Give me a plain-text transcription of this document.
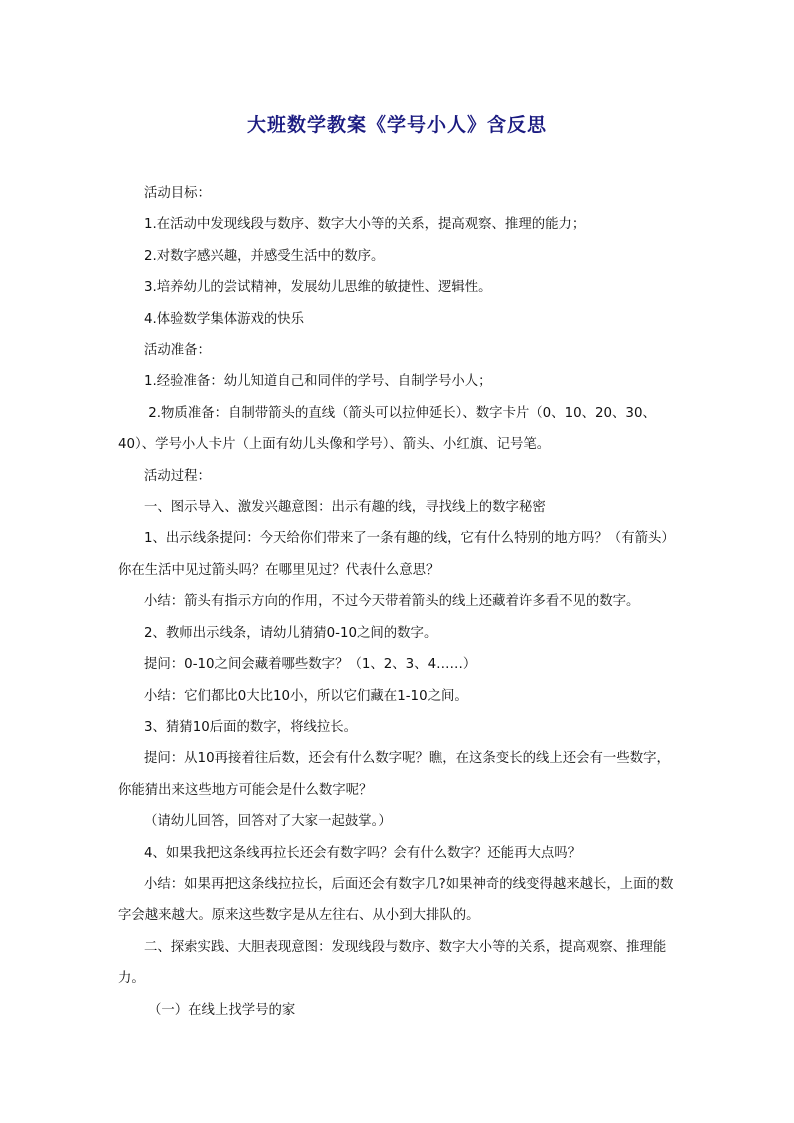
大班数学教案《学号小人》含反思

活动目标：

1.在活动中发现线段与数序、数字大小等的关系，提高观察、推理的能力；

2.对数字感兴趣，并感受生活中的数序。

3.培养幼儿的尝试精神，发展幼儿思维的敏捷性、逻辑性。

4.体验数学集体游戏的快乐

活动准备：

1.经验准备：幼儿知道自己和同伴的学号、自制学号小人；

2.物质准备：自制带箭头的直线（箭头可以拉伸延长）、数字卡片（0、10、20、30、40）、学号小人卡片（上面有幼儿头像和学号）、箭头、小红旗、记号笔。

活动过程：

一、图示导入、激发兴趣意图：出示有趣的线，寻找线上的数字秘密

1、出示线条提问：今天给你们带来了一条有趣的线，它有什么特别的地方吗？（有箭头）你在生活中见过箭头吗？在哪里见过？代表什么意思？

小结：箭头有指示方向的作用，不过今天带着箭头的线上还藏着许多看不见的数字。

2、教师出示线条，请幼儿猜猜0-10之间的数字。

提问：0-10之间会藏着哪些数字？（1、2、3、4……）

小结：它们都比0大比10小，所以它们藏在1-10之间。

3、猜猜10后面的数字，将线拉长。

提问：从10再接着往后数，还会有什么数字呢？瞧，在这条变长的线上还会有一些数字，你能猜出来这些地方可能会是什么数字呢？

（请幼儿回答，回答对了大家一起鼓掌。）

4、如果我把这条线再拉长还会有数字吗？会有什么数字？还能再大点吗？

小结：如果再把这条线拉拉长，后面还会有数字几?如果神奇的线变得越来越长，上面的数字会越来越大。原来这些数字是从左往右、从小到大排队的。

二、探索实践、大胆表现意图：发现线段与数序、数字大小等的关系，提高观察、推理能力。

（一）在线上找学号的家
